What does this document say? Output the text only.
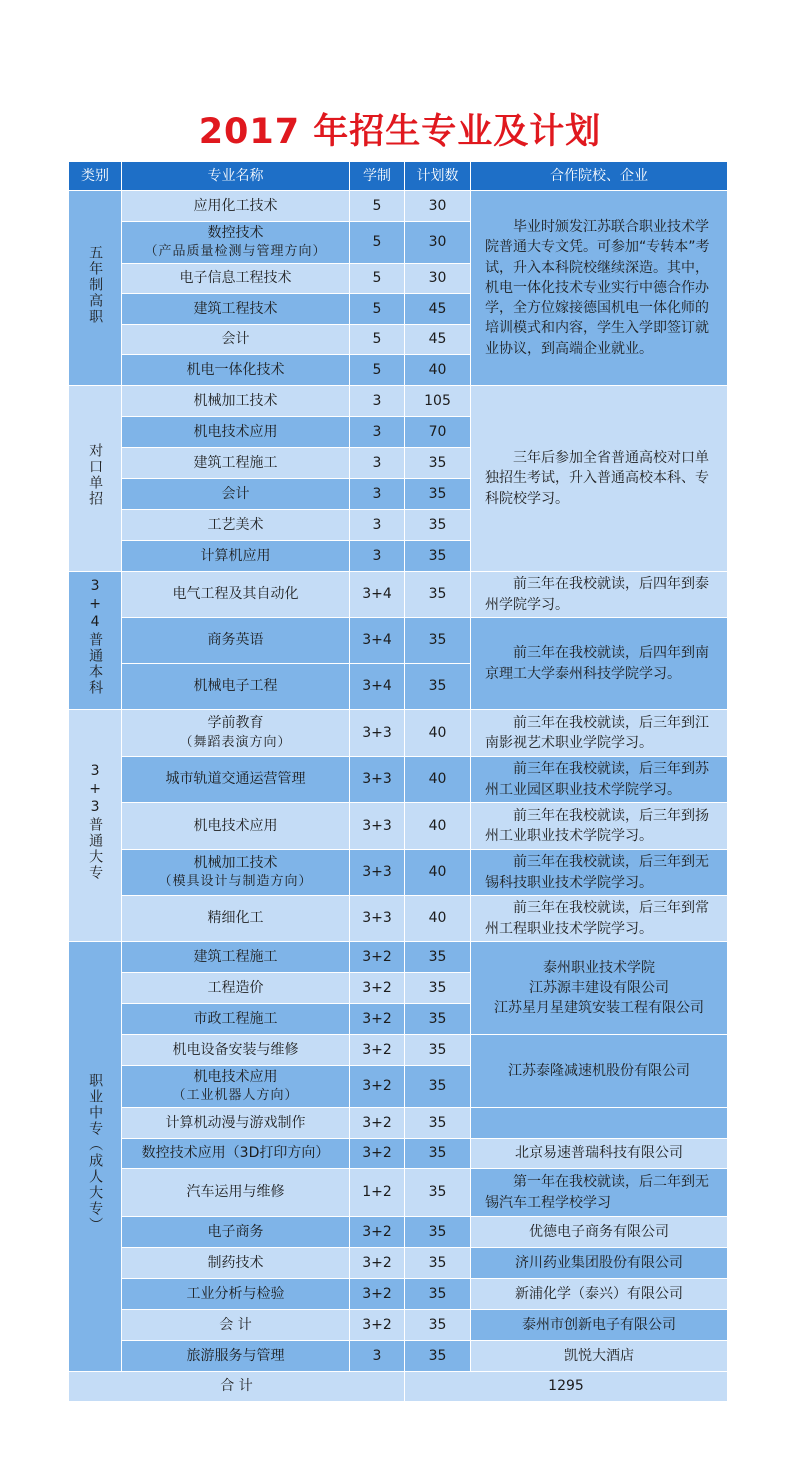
2017 年招生专业及计划
类别	专业名称	学制	计划数	合作院校、企业
五年制高职	应用化工技术	5	30	毕业时颁发江苏联合职业技术学院普通大专文凭。可参加“专转本”考试，升入本科院校继续深造。其中，机电一体化技术专业实行中德合作办学，全方位嫁接德国机电一体化师的培训模式和内容，学生入学即签订就业协议，到高端企业就业。

	数控技术
（产品质量检测与管理方向）	5	30	
	电子信息工程技术	5	30	
	建筑工程技术	5	45	
	会计	5	45	
	机电一体化技术	5	40	
对口单招	机械加工技术	3	105	三年后参加全省普通高校对口单独招生考试，升入普通高校本科、专科院校学习。

	机电技术应用	3	70	
	建筑工程施工	3	35	
	会计	3	35	
	工艺美术	3	35	
	计算机应用	3	35	
3+4普通本科	电气工程及其自动化	3+4	35	前三年在我校就读，后四年到泰州学院学习。

	商务英语	3+4	35	前三年在我校就读，后四年到南京理工大学泰州科技学院学习。

	机械电子工程	3+4	35	
3+3普通大专	学前教育
（舞蹈表演方向）	3+3	40	前三年在我校就读，后三年到江南影视艺术职业学院学习。

	城市轨道交通运营管理	3+3	40	前三年在我校就读，后三年到苏州工业园区职业技术学院学习。

	机电技术应用	3+3	40	前三年在我校就读，后三年到扬州工业职业技术学院学习。

	机械加工技术
（模具设计与制造方向）	3+3	40	前三年在我校就读，后三年到无锡科技职业技术学院学习。

	精细化工	3+3	40	前三年在我校就读，后三年到常州工程职业技术学院学习。

职业中专（成人大专）	建筑工程施工	3+2	35	泰州职业技术学院
江苏源丰建设有限公司
江苏星月星建筑安装工程有限公司

	工程造价	3+2	35	
	市政工程施工	3+2	35	
	机电设备安装与维修	3+2	35	江苏泰隆减速机股份有限公司

	机电技术应用
（工业机器人方向）	3+2	35	
	计算机动漫与游戏制作	3+2	35	
	数控技术应用（3D打印方向）	3+2	35	北京易速普瑞科技有限公司
	汽车运用与维修	1+2	35	第一年在我校就读，后二年到无锡汽车工程学校学习

	电子商务	3+2	35	优德电子商务有限公司
	制药技术	3+2	35	济川药业集团股份有限公司
	工业分析与检验	3+2	35	新浦化学（泰兴）有限公司
	会 计	3+2	35	泰州市创新电子有限公司
	旅游服务与管理	3	35	凯悦大酒店
合 计			1295	
